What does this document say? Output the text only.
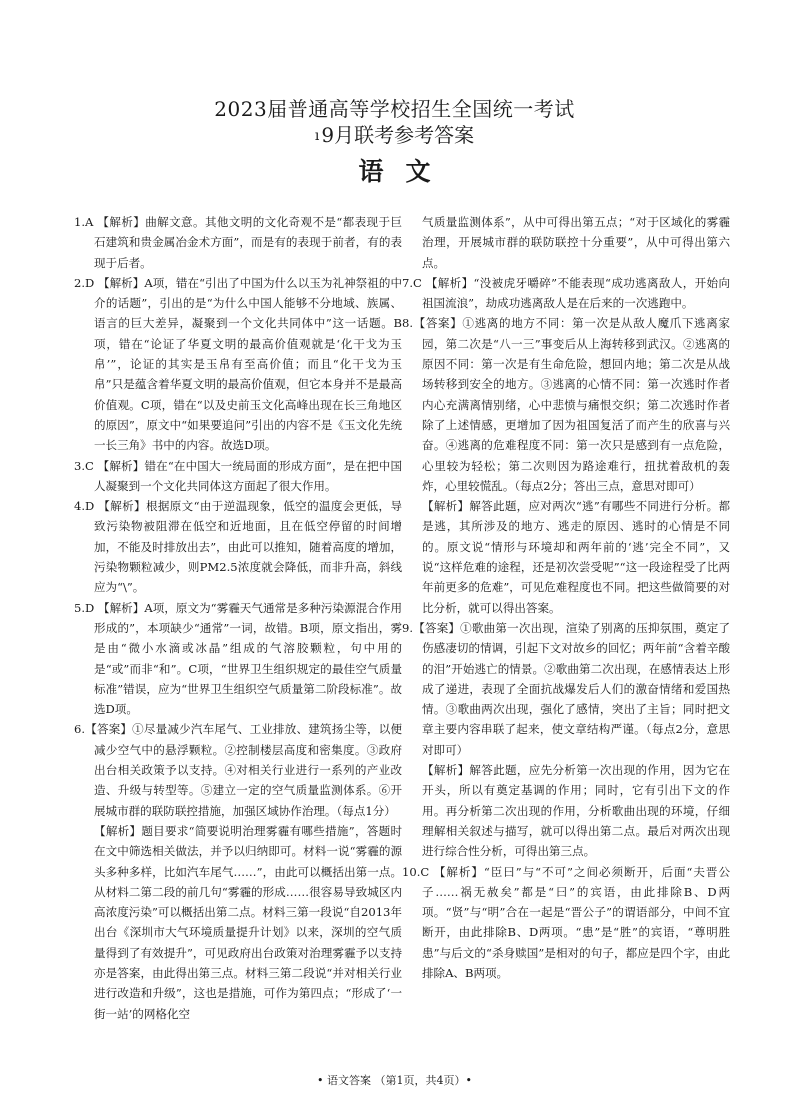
2023届普通高等学校招生全国统一考试
ı 9月联考参考答案
语文

1.A 【解析】曲解文意。其他文明的文化奇观不是“都表现于巨石建筑和贵金属冶金术方面”，而是有的表现于前者，有的表现于后者。

2.D 【解析】A项，错在“引出了中国为什么以玉为礼神祭祖的中介的话题”，引出的是“为什么中国人能够不分地域、族属、语言的巨大差异，凝聚到一个文化共同体中”这一话题。B项，错在“论证了华夏文明的最高价值观就是‘化干戈为玉帛’”，论证的其实是玉帛有至高价值；而且“化干戈为玉帛”只是蕴含着华夏文明的最高价值观，但它本身并不是最高价值观。C项，错在“以及史前玉文化高峰出现在长三角地区的原因”，原文中“如果要追问”引出的内容不是《玉文化先统一长三角》书中的内容。故选D项。

3.C 【解析】错在“在中国大一统局面的形成方面”，是在把中国人凝聚到一个文化共同体这方面起了很大作用。

4.D 【解析】根据原文“由于逆温现象，低空的温度会更低，导致污染物被阻滞在低空和近地面，且在低空停留的时间增加，不能及时排放出去”，由此可以推知，随着高度的增加，污染物颗粒减少，则PM2.5浓度就会降低，而非升高，斜线应为“\”。

5.D 【解析】A项，原文为“雾霾天气通常是多种污染源混合作用形成的”，本项缺少“通常”一词，故错。B项，原文指出，雾是由“微小水滴或冰晶”组成的气溶胶颗粒，句中用的是“或”而非“和”。C项，“世界卫生组织规定的最佳空气质量标准”错误，应为“世界卫生组织空气质量第二阶段标准”。故选D项。

6.【答案】①尽量减少汽车尾气、工业排放、建筑扬尘等，以便减少空气中的悬浮颗粒。②控制楼层高度和密集度。③政府出台相关政策予以支持。④对相关行业进行一系列的产业改造、升级与转型等。⑤建立一定的空气质量监测体系。⑥开展城市群的联防联控措施，加强区域协作治理。（每点1分）

【解析】题目要求“简要说明治理雾霾有哪些措施”，答题时在文中筛选相关做法，并予以归纳即可。材料一说“雾霾的源头多种多样，比如汽车尾气……”，由此可以概括出第一点。从材料二第二段的前几句“雾霾的形成……很容易导致城区内高浓度污染”可以概括出第二点。材料三第一段说“自2013年出台《深圳市大气环境质量提升计划》以来，深圳的空气质量得到了有效提升”，可见政府出台政策对治理雾霾予以支持亦是答案，由此得出第三点。材料三第二段说“并对相关行业进行改造和升级”，这也是措施，可作为第四点；“形成了‘一街一站’的网格化空

气质量监测体系”，从中可得出第五点；“对于区域化的雾霾治理，开展城市群的联防联控十分重要”，从中可得出第六点。

7.C 【解析】“没被虎牙嚼碎”不能表现“成功逃离敌人，开始向祖国流浪”，劫成功逃离敌人是在后来的一次逃跑中。

8.【答案】①逃离的地方不同：第一次是从敌人魔爪下逃离家园，第二次是“八一三”事变后从上海转移到武汉。②逃离的原因不同：第一次是有生命危险，想回内地；第二次是从战场转移到安全的地方。③逃离的心情不同：第一次逃时作者内心充满离情别绪，心中悲愤与痛恨交织；第二次逃时作者除了上述情感，更增加了因为祖国复活了而产生的欣喜与兴奋。④逃离的危难程度不同：第一次只是感到有一点危险，心里较为轻松；第二次则因为路途难行，扭扰着敌机的轰炸，心里较慌乱。（每点2分；答出三点，意思对即可）

【解析】解答此题，应对两次“逃”有哪些不同进行分析。都是逃，其所涉及的地方、逃走的原因、逃时的心情是不同的。原文说“情形与环境却和两年前的‘逃’完全不同”，又说“这样危难的途程，还是初次尝受呢”“这一段途程受了比两年前更多的危难”，可见危难程度也不同。把这些做简要的对比分析，就可以得出答案。

9.【答案】①歌曲第一次出现，渲染了别离的压抑氛围，奠定了伤感凄切的情调，引起下文对故乡的回忆；两年前“含着辛酸的泪”开始逃亡的情景。②歌曲第二次出现，在感情表达上形成了递进，表现了全面抗战爆发后人们的激奋情绪和爱国热情。③歌曲两次出现，强化了感情，突出了主旨；同时把文章主要内容串联了起来，使文章结构严谨。（每点2分，意思对即可）

【解析】解答此题，应先分析第一次出现的作用，因为它在开头，所以有奠定基调的作用；同时，它有引出下文的作用。再分析第二次出现的作用，分析歌曲出现的环境，仔细理解相关叙述与描写，就可以得出第二点。最后对两次出现进行综合性分析，可得出第三点。

10.C 【解析】“臣曰”与“不可”之间必须断开，后面“夫晋公子……祸无赦矣”都是“曰”的宾语，由此排除B、D两项。“贤”与“明”合在一起是“晋公子”的谓语部分，中间不宜断开，由此排除B、D两项。“患”是“胜”的宾语，“尊明胜患”与后文的“杀身赎国”是相对的句子，都应是四个字，由此排除A、B两项。

• 语文答案 （第1页，共4页）•
